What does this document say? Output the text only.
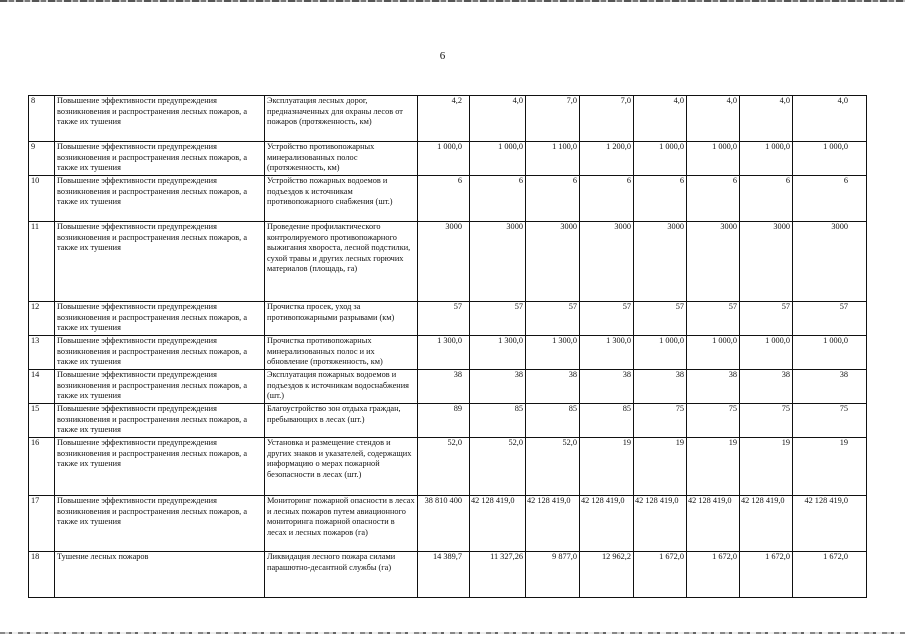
6
8	Повышение эффективности предупреждения возникновения и распространения лесных пожаров, а также их тушения	Эксплуатация лесных дорог, предназначенных для охраны лесов от пожаров (протяженность, км)	4,2	4,0	7,0	7,0	4,0	4,0	4,0	4,0
9	Повышение эффективности предупреждения возникновения и распространения лесных пожаров, а также их тушения	Устройство противопожарных минерализованных полос (протяженность, км)	1 000,0	1 000,0	1 100,0	1 200,0	1 000,0	1 000,0	1 000,0	1 000,0
10	Повышение эффективности предупреждения возникновения и распространения лесных пожаров, а также их тушения	Устройство пожарных водоемов и подъездов к источникам противопожарного снабжения (шт.)	6	6	6	6	6	6	6	6
11	Повышение эффективности предупреждения возникновения и распространения лесных пожаров, а также их тушения	Проведение профилактического контролируемого противопожарного выжигания хвороста, лесной подстилки, сухой травы и других лесных горючих материалов (площадь, га)	3000	3000	3000	3000	3000	3000	3000	3000
12	Повышение эффективности предупреждения возникновения и распространения лесных пожаров, а также их тушения	Прочистка просек, уход за противопожарными разрывами (км)	57	57	57	57	57	57	57	57
13	Повышение эффективности предупреждения возникновения и распространения лесных пожаров, а также их тушения	Прочистка противопожарных минерализованных полос и их обновление (протяженность, км)	1 300,0	1 300,0	1 300,0	1 300,0	1 000,0	1 000,0	1 000,0	1 000,0
14	Повышение эффективности предупреждения возникновения и распространения лесных пожаров, а также их тушения	Эксплуатация пожарных водоемов и подъездов к источникам водоснабжения (шт.)	38	38	38	38	38	38	38	38
15	Повышение эффективности предупреждения возникновения и распространения лесных пожаров, а также их тушения	Благоустройство зон отдыха граждан, пребывающих в лесах (шт.)	89	85	85	85	75	75	75	75
16	Повышение эффективности предупреждения возникновения и распространения лесных пожаров, а также их тушения	Установка и размещение стендов и других знаков и указателей, содержащих информацию о мерах пожарной безопасности в лесах (шт.)	52,0	52,0	52,0	19	19	19	19	19
17	Повышение эффективности предупреждения возникновения и распространения лесных пожаров, а также их тушения	Мониторинг пожарной опасности в лесах и лесных пожаров путем авиационного мониторинга пожарной опасности в лесах и лесных пожаров (га)	38 810 400	42 128 419,0	42 128 419,0	42 128 419,0	42 128 419,0	42 128 419,0	42 128 419,0	42 128 419,0
18	Тушение лесных пожаров	Ликвидация лесного пожара силами парашютно-десантной службы (га)	14 389,7	11 327,26	9 877,0	12 962,2	1 672,0	1 672,0	1 672,0	1 672,0
